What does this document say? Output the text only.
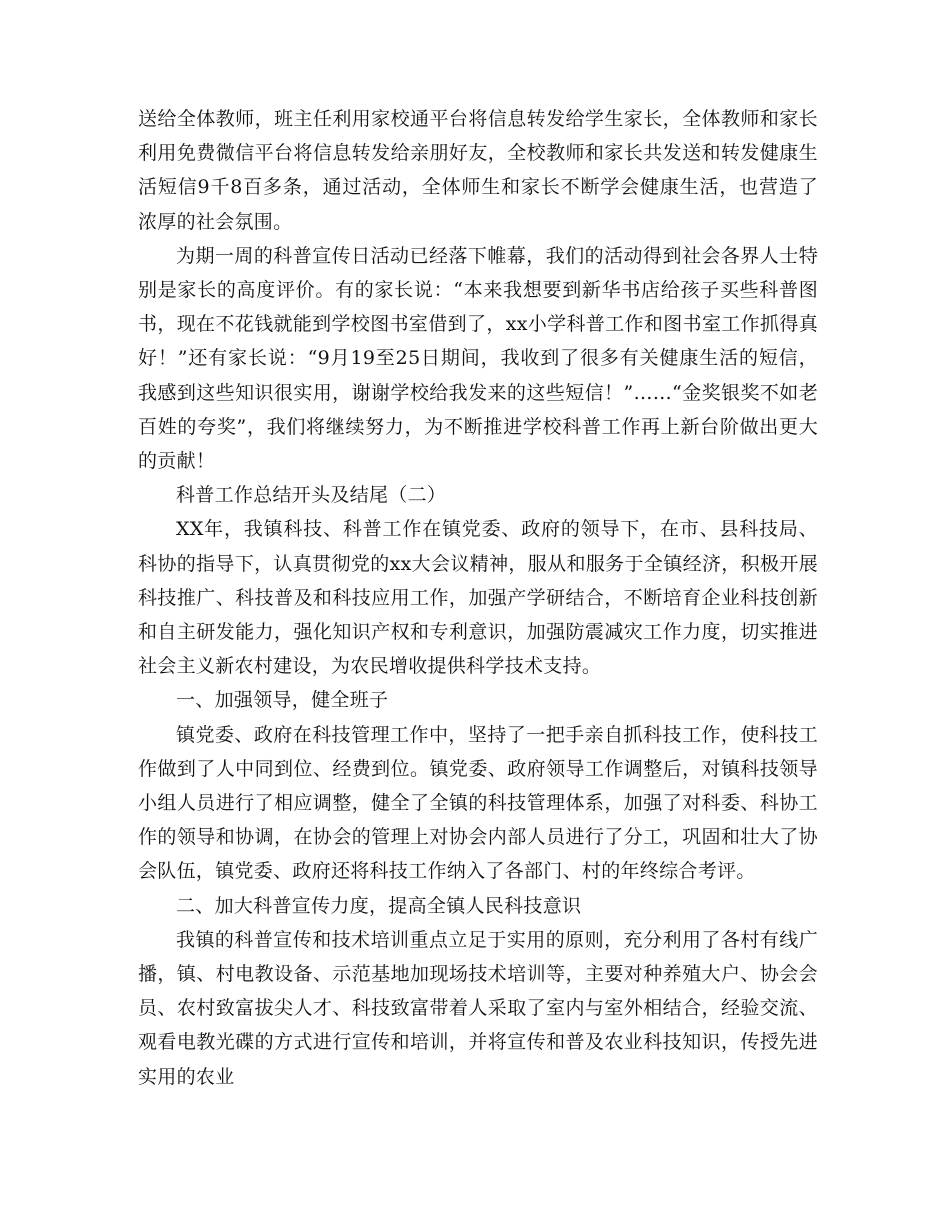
送给全体教师，班主任利用家校通平台将信息转发给学生家长，全体教师和家长利用免费微信平台将信息转发给亲朋好友，全校教师和家长共发送和转发健康生活短信9千8百多条，通过活动，全体师生和家长不断学会健康生活，也营造了浓厚的社会氛围。

为期一周的科普宣传日活动已经落下帷幕，我们的活动得到社会各界人士特别是家长的高度评价。有的家长说：“本来我想要到新华书店给孩子买些科普图书，现在不花钱就能到学校图书室借到了，xx小学科普工作和图书室工作抓得真好！”还有家长说：“9月19至25日期间，我收到了很多有关健康生活的短信，我感到这些知识很实用，谢谢学校给我发来的这些短信！”……“金奖银奖不如老百姓的夸奖”，我们将继续努力，为不断推进学校科普工作再上新台阶做出更大的贡献！

科普工作总结开头及结尾（二）

XX年，我镇科技、科普工作在镇党委、政府的领导下，在市、县科技局、科协的指导下，认真贯彻党的xx大会议精神，服从和服务于全镇经济，积极开展科技推广、科技普及和科技应用工作，加强产学研结合，不断培育企业科技创新和自主研发能力，强化知识产权和专利意识，加强防震减灾工作力度，切实推进社会主义新农村建设，为农民增收提供科学技术支持。

一、加强领导，健全班子

镇党委、政府在科技管理工作中，坚持了一把手亲自抓科技工作，使科技工作做到了人中同到位、经费到位。镇党委、政府领导工作调整后，对镇科技领导小组人员进行了相应调整，健全了全镇的科技管理体系，加强了对科委、科协工作的领导和协调，在协会的管理上对协会内部人员进行了分工，巩固和壮大了协会队伍，镇党委、政府还将科技工作纳入了各部门、村的年终综合考评。

二、加大科普宣传力度，提高全镇人民科技意识

我镇的科普宣传和技术培训重点立足于实用的原则，充分利用了各村有线广播，镇、村电教设备、示范基地加现场技术培训等，主要对种养殖大户、协会会员、农村致富拔尖人才、科技致富带着人采取了室内与室外相结合，经验交流、观看电教光碟的方式进行宣传和培训，并将宣传和普及农业科技知识，传授先进实用的农业
